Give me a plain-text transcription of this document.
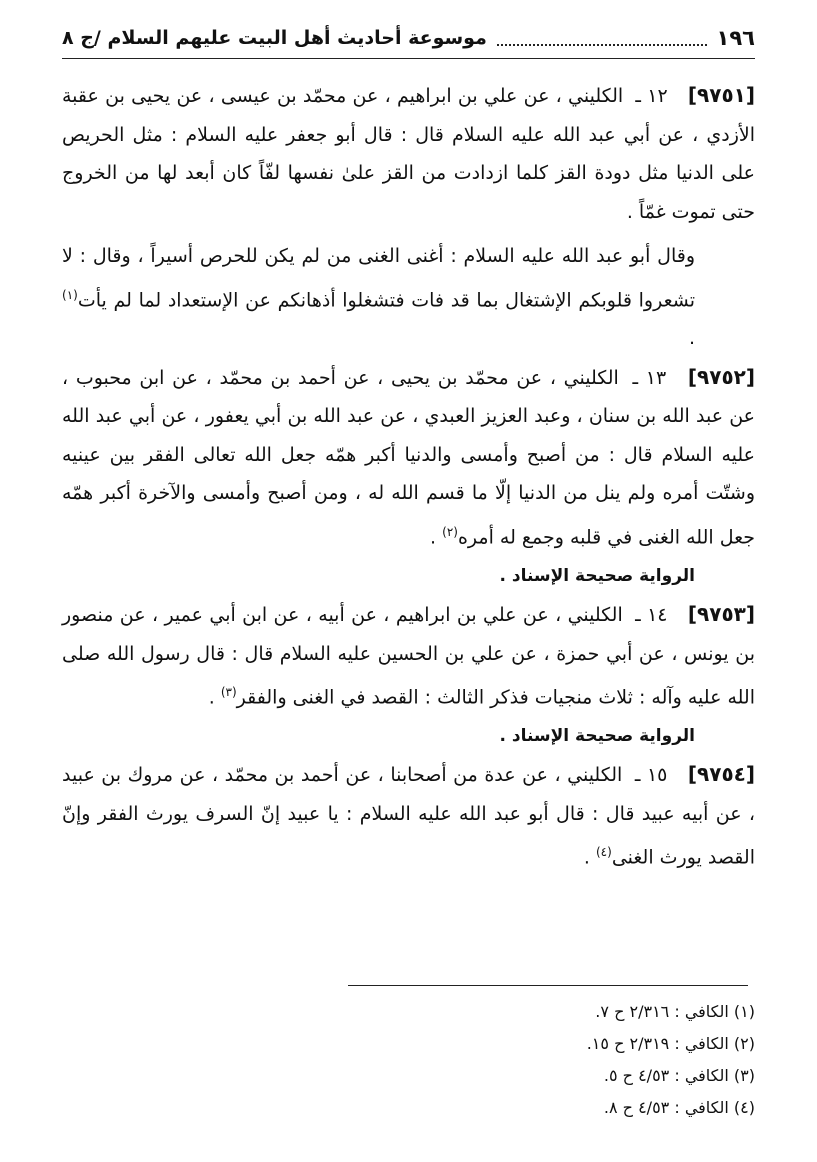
١٩٦
موسوعة أحاديث أهل البيت عليهم السلام /ج ٨

[٩٧٥١] ١٢ ـ الكليني ، عن علي بن ابراهيم ، عن محمّد بن عيسى ، عن يحيى بن عقبة الأزدي ، عن أبي عبد الله عليه السلام قال : قال أبو جعفر عليه السلام : مثل الحريص على الدنيا مثل دودة القز كلما ازدادت من القز علىٰ نفسها لفّاً كان أبعد لها من الخروج حتى تموت غمّاً .

وقال أبو عبد الله عليه السلام : أغنى الغنى من لم يكن للحرص أسيراً ، وقال : لا تشعروا قلوبكم الإشتغال بما قد فات فتشغلوا أذهانكم عن الإستعداد لما لم يأت$^{(١)}$ .

[٩٧٥٢] ١٣ ـ الكليني ، عن محمّد بن يحيى ، عن أحمد بن محمّد ، عن ابن محبوب ، عن عبد الله بن سنان ، وعبد العزيز العبدي ، عن عبد الله بن أبي يعفور ، عن أبي عبد الله عليه السلام قال : من أصبح وأمسى والدنيا أكبر همّه جعل الله تعالى الفقر بين عينيه وشتّت أمره ولم ينل من الدنيا إلّا ما قسم الله له ، ومن أصبح وأمسى والآخرة أكبر همّه جعل الله الغنى في قلبه وجمع له أمره$^{(٢)}$ .

الرواية صحيحة الإسناد .

[٩٧٥٣] ١٤ ـ الكليني ، عن علي بن ابراهيم ، عن أبيه ، عن ابن أبي عمير ، عن منصور بن يونس ، عن أبي حمزة ، عن علي بن الحسين عليه السلام قال : قال رسول الله صلى الله عليه وآله : ثلاث منجيات فذكر الثالث : القصد في الغنى والفقر$^{(٣)}$ .

الرواية صحيحة الإسناد .

[٩٧٥٤] ١٥ ـ الكليني ، عن عدة من أصحابنا ، عن أحمد بن محمّد ، عن مروك بن عبيد ، عن أبيه عبيد قال : قال أبو عبد الله عليه السلام : يا عبيد إنّ السرف يورث الفقر وإنّ القصد يورث الغنى$^{(٤)}$ .

(١) الكافي : ٢/٣١٦ ح ٧.
(٢) الكافي : ٢/٣١٩ ح ١٥.
(٣) الكافي : ٤/٥٣ ح ٥.
(٤) الكافي : ٤/٥٣ ح ٨.
